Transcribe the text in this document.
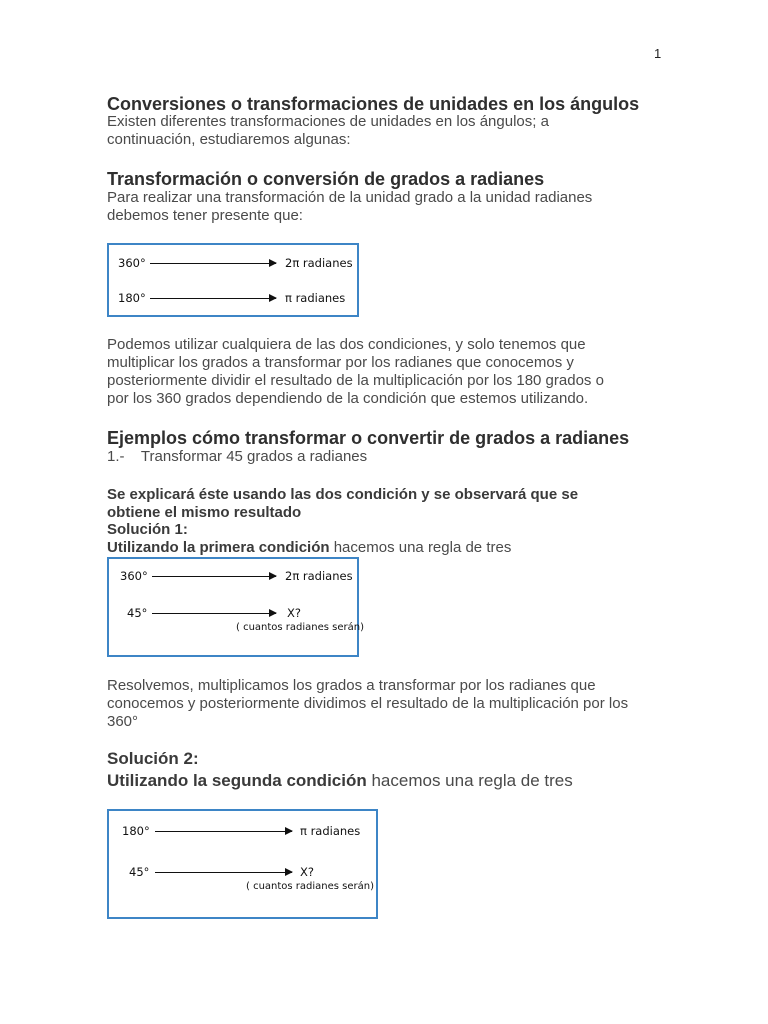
1
Conversiones o transformaciones de unidades en los ángulos
Existen diferentes transformaciones de unidades en los ángulos; a
continuación, estudiaremos algunas:
Transformación o conversión de grados a radianes
Para realizar una transformación de la unidad grado a la unidad radianes
debemos tener presente que:
360°	2π radianes
180°	π radianes
Podemos utilizar cualquiera de las dos condiciones, y solo tenemos que
multiplicar los grados a transformar por los radianes que conocemos y
posteriormente dividir el resultado de la multiplicación por los 180 grados o
por los 360 grados dependiendo de la condición que estemos utilizando.
Ejemplos cómo transformar o convertir de grados a radianes
1.-    Transformar 45 grados a radianes
Se explicará éste usando las dos condición y se observará que se
obtiene el mismo resultado
Solución 1:
Utilizando la primera condición hacemos una regla de tres
360°	2π radianes
45°	X?
( cuantos radianes serán)
Resolvemos, multiplicamos los grados a transformar por los radianes que
conocemos y posteriormente dividimos el resultado de la multiplicación por los
360°
Solución 2:
Utilizando la segunda condición hacemos una regla de tres
180°	π radianes
45°	X?
( cuantos radianes serán)
